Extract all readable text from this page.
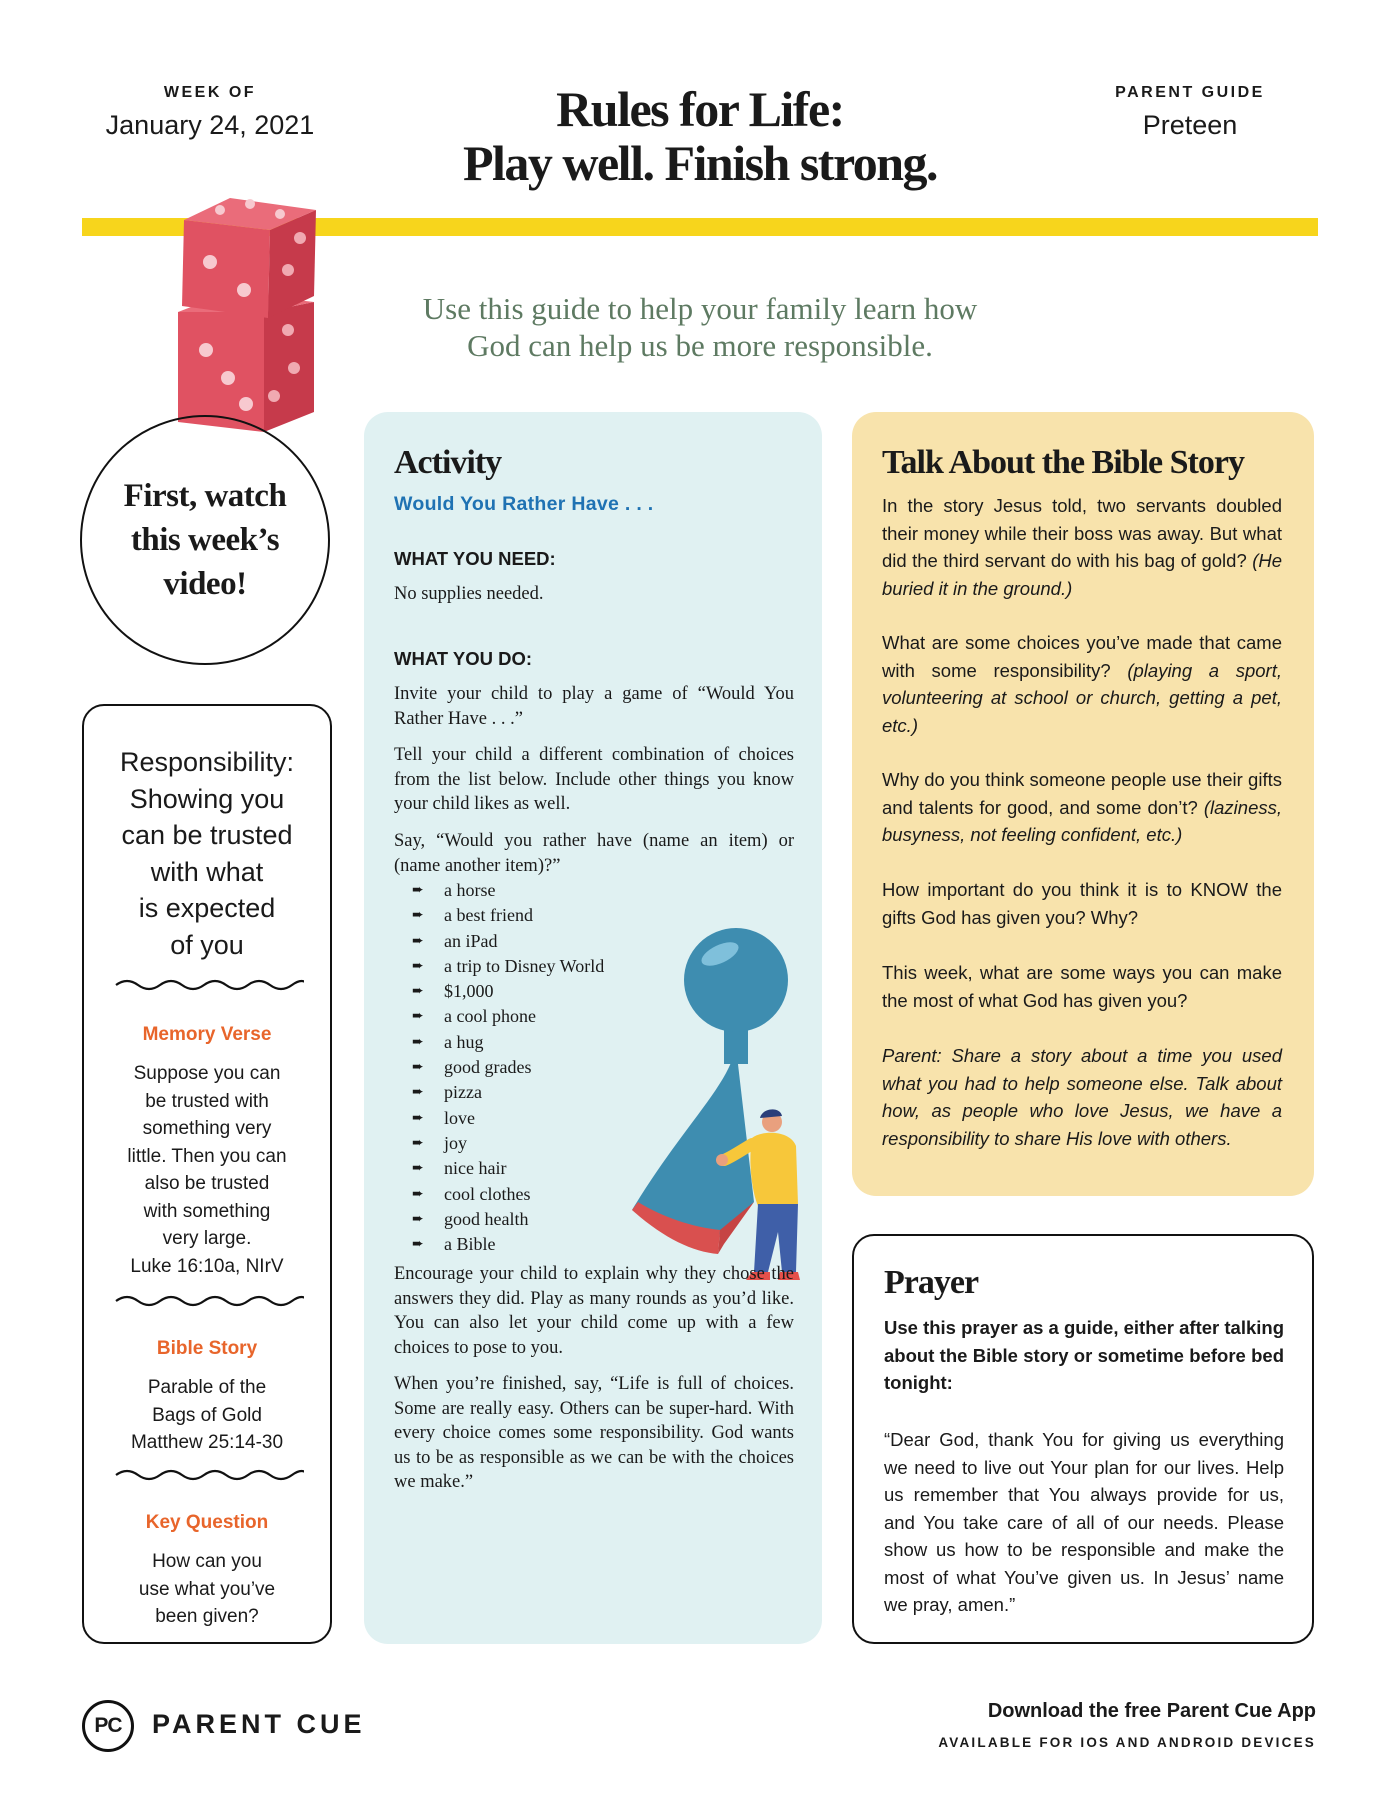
WEEK OF
January 24, 2021	Rules for Life:
Play well. Finish strong.
PARENT GUIDE
Preteen
Use this guide to help your family learn how
God can help us be more responsible.
First, watch
this week’s
video!
Responsibility:
Showing you
can be trusted
with what
is expected
of you
Memory Verse
Suppose you can
be trusted with
something very
little. Then you can
also be trusted
with something
very large.
Luke 16:10a, NIrV
Bible Story
Parable of the
Bags of Gold
Matthew 25:14-30
Key Question
How can you
use what you’ve
been given?
Activity
Would You Rather Have . . .
WHAT YOU NEED:
No supplies needed.
WHAT YOU DO:
Invite your child to play a game of “Would You Rather Have . . .”
Tell your child a different combination of choices from the list below. Include other things you know your child likes as well.
Say, “Would you rather have (name an item) or (name another item)?”
➨	a horse
➨	a best friend
➨	an iPad
➨	a trip to Disney World
➨	$1,000
➨	a cool phone
➨	a hug
➨	good grades
➨	pizza
➨	love
➨	joy
➨	nice hair
➨	cool clothes
➨	good health
➨	a Bible
Encourage your child to explain why they chose the answers they did. Play as many rounds as you’d like. You can also let your child come up with a few choices to pose to you.
When you’re finished, say, “Life is full of choices. Some are really easy. Others can be super-hard. With every choice comes some responsibility. God wants us to be as responsible as we can be with the choices we make.”
Talk About the Bible Story
In the story Jesus told, two servants doubled their money while their boss was away. But what did the third servant do with his bag of gold? (He buried it in the ground.)
What are some choices you’ve made that came with some responsibility? (playing a sport, volunteering at school or church, getting a pet, etc.)
Why do you think someone people use their gifts and talents for good, and some don’t? (laziness, busyness, not feeling confident, etc.)
How important do you think it is to KNOW the gifts God has given you? Why?
This week, what are some ways you can make the most of what God has given you?
Parent: Share a story about a time you used what you had to help someone else. Talk about how, as people who love Jesus, we have a responsibility to share His love with others.
Prayer
Use this prayer as a guide, either after talking about the Bible story or sometime before bed tonight:
“Dear God, thank You for giving us everything we need to live out Your plan for our lives. Help us remember that You always provide for us, and You take care of all of our needs. Please show us how to be responsible and make the most of what You’ve given us. In Jesus’ name we pray, amen.”
PC	PARENT CUE	Download the free Parent Cue App
AVAILABLE FOR IOS AND ANDROID DEVICES
